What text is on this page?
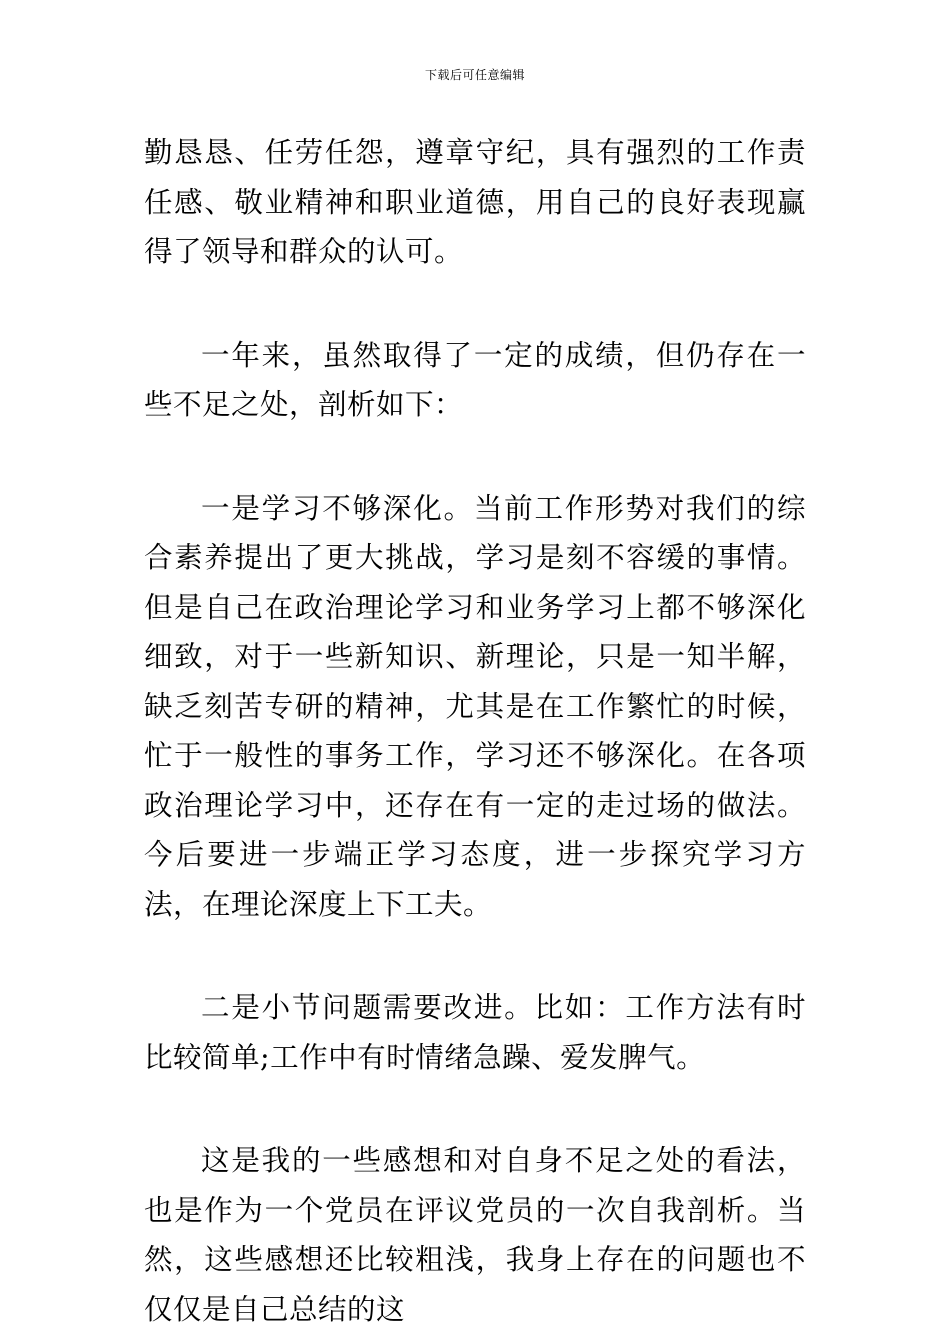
下载后可任意编辑

勤恳恳、任劳任怨，遵章守纪，具有强烈的工作责任感、敬业精神和职业道德，用自己的良好表现赢得了领导和群众的认可。

一年来，虽然取得了一定的成绩，但仍存在一些不足之处，剖析如下：

一是学习不够深化。当前工作形势对我们的综合素养提出了更大挑战，学习是刻不容缓的事情。但是自己在政治理论学习和业务学习上都不够深化细致，对于一些新知识、新理论，只是一知半解，缺乏刻苦专研的精神，尤其是在工作繁忙的时候，忙于一般性的事务工作，学习还不够深化。在各项政治理论学习中，还存在有一定的走过场的做法。今后要进一步端正学习态度，进一步探究学习方法，在理论深度上下工夫。

二是小节问题需要改进。比如：工作方法有时比较简单;工作中有时情绪急躁、爱发脾气。

这是我的一些感想和对自身不足之处的看法，也是作为一个党员在评议党员的一次自我剖析。当然，这些感想还比较粗浅，我身上存在的问题也不仅仅是自己总结的这
